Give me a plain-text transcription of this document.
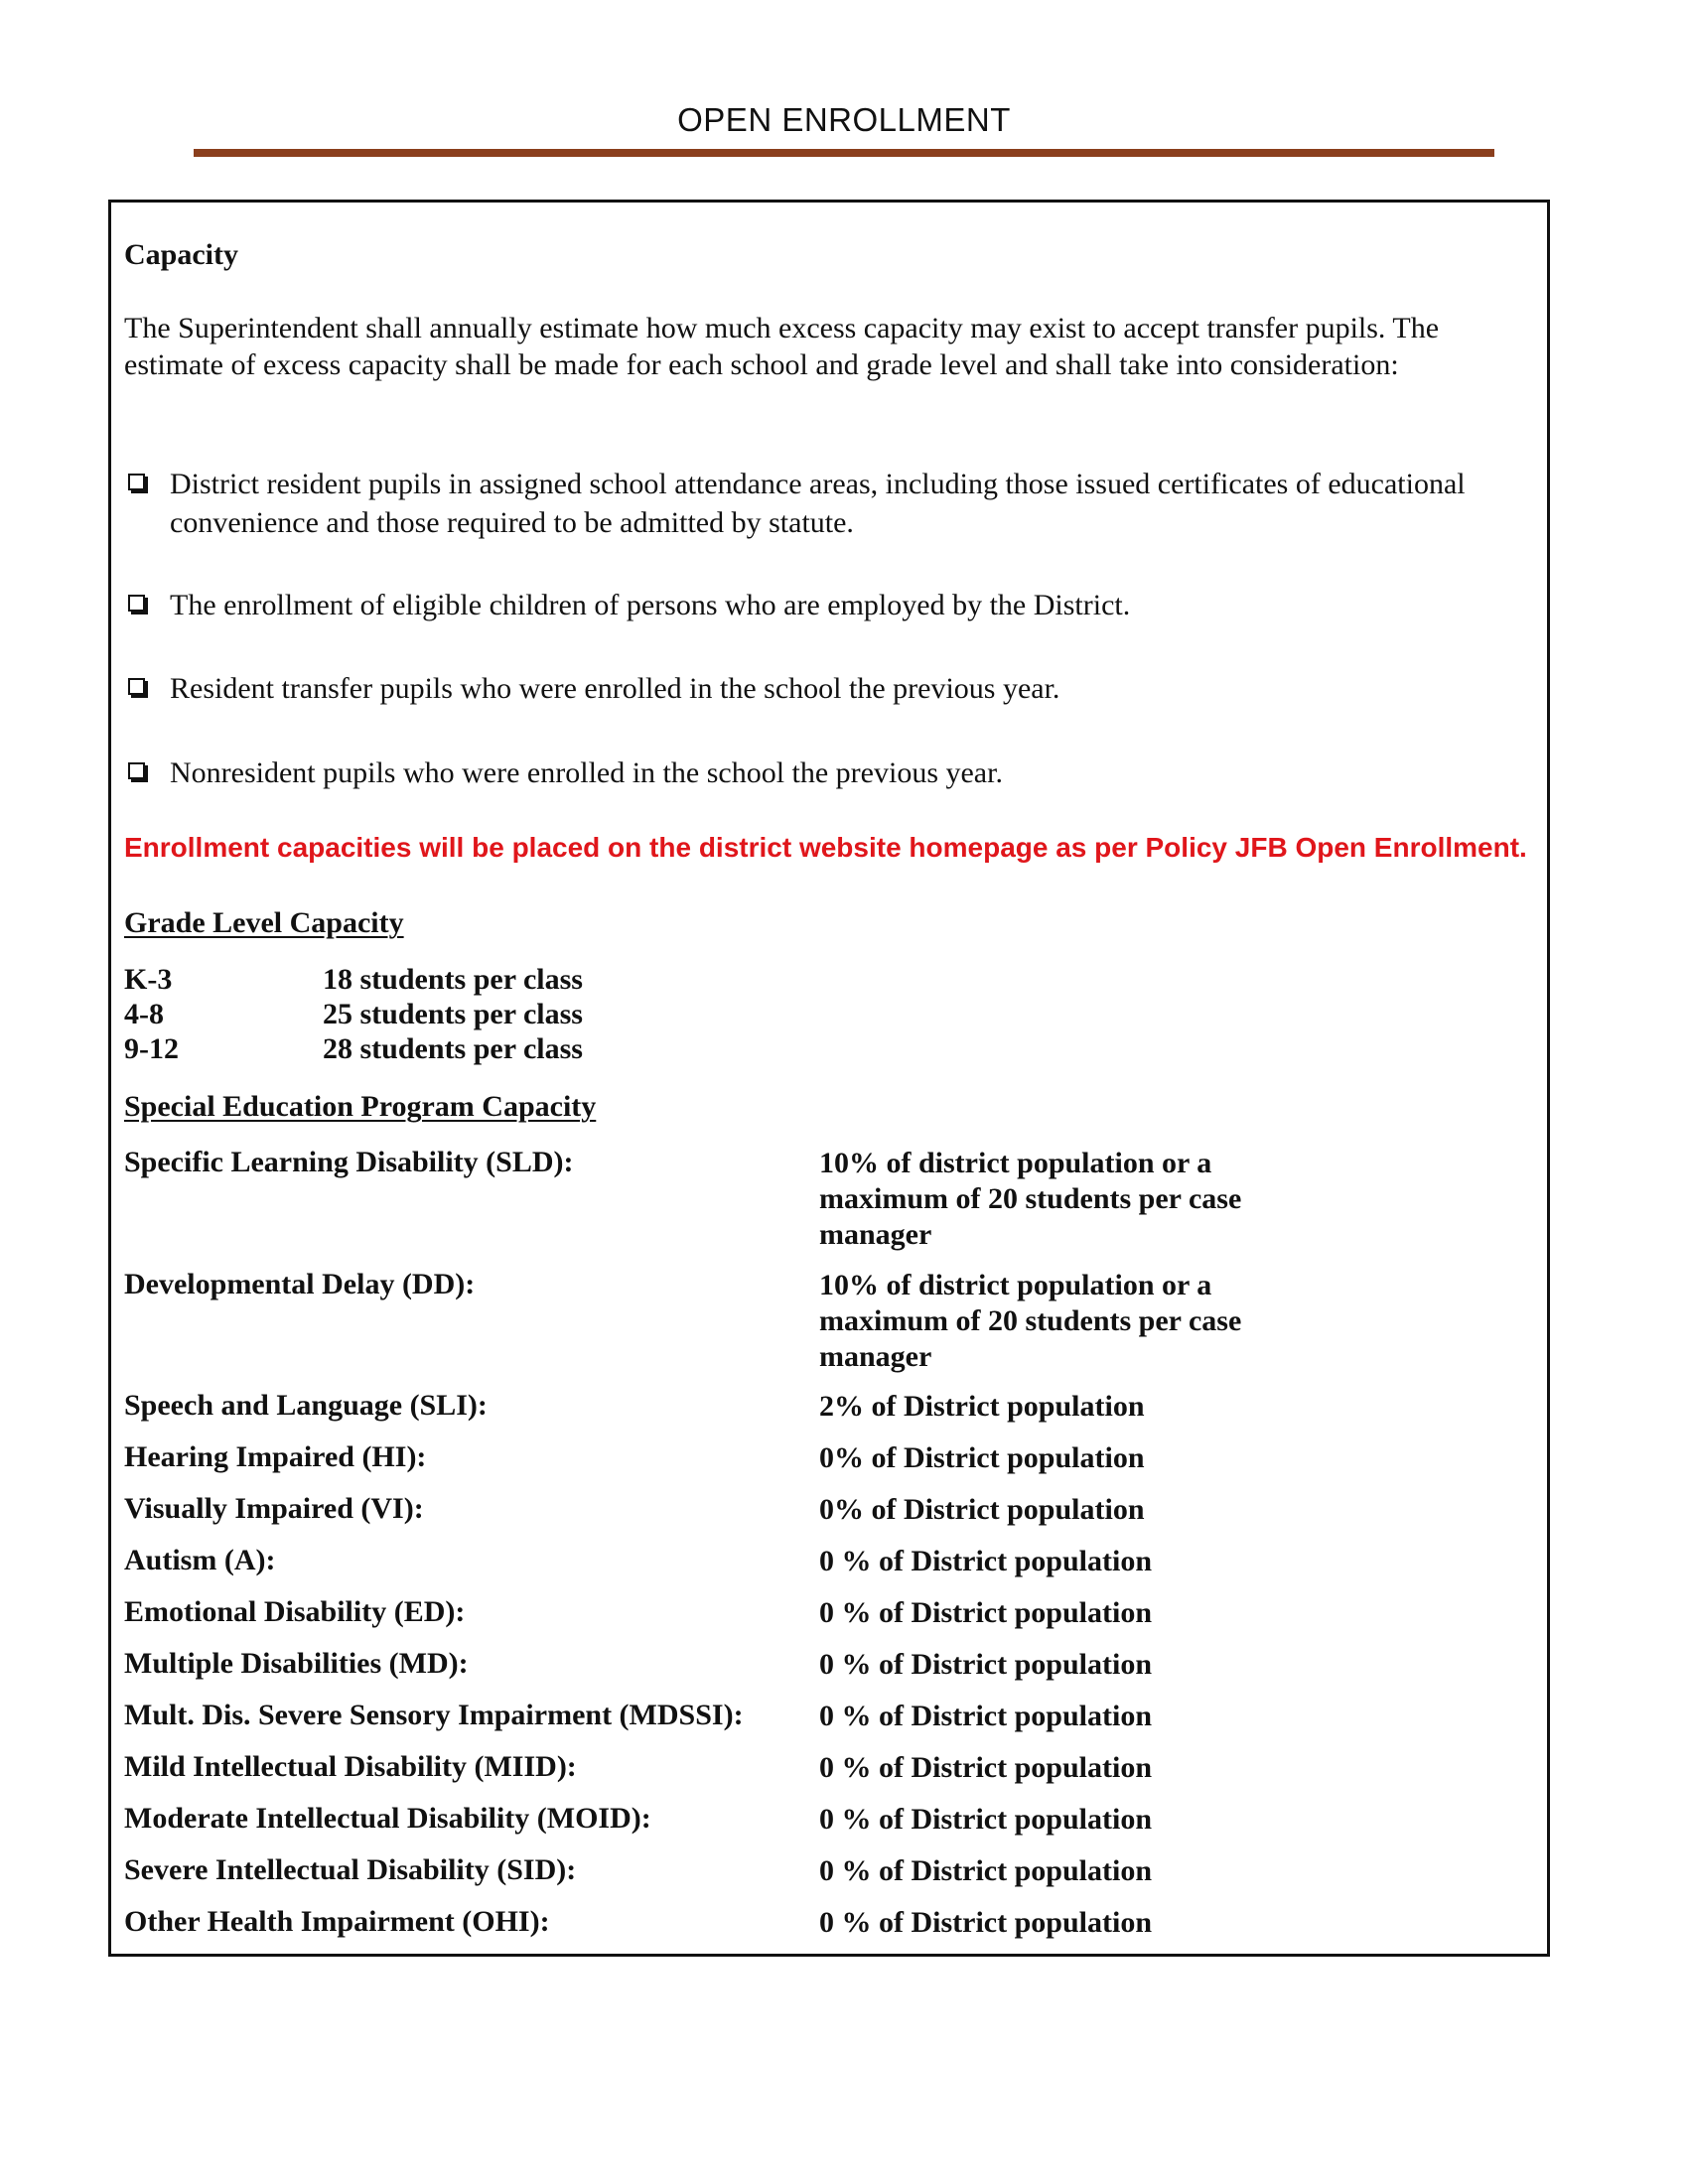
OPEN ENROLLMENT
Capacity
The Superintendent shall annually estimate how much excess capacity may exist to accept transfer pupils. The estimate of excess capacity shall be made for each school and grade level and shall take into consideration:
District resident pupils in assigned school attendance areas, including those issued certificates of educational convenience and those required to be admitted by statute.
The enrollment of eligible children of persons who are employed by the District.
Resident transfer pupils who were enrolled in the school the previous year.
Nonresident pupils who were enrolled in the school the previous year.
Enrollment capacities will be placed on the district website homepage as per Policy JFB Open Enrollment.
Grade Level Capacity
K-3	18 students per class
4-8	25 students per class
9-12	28 students per class
Special Education Program Capacity
Specific Learning Disability (SLD):	10% of district population or a maximum of 20 students per case manager
Developmental Delay (DD):	10% of district population or a maximum of 20 students per case manager
Speech and Language (SLI):	2% of District population
Hearing Impaired (HI):	0% of District population
Visually Impaired (VI):	0% of District population
Autism (A):	0 % of District population
Emotional Disability (ED):	0 % of District population
Multiple Disabilities (MD):	0 % of District population
Mult. Dis. Severe Sensory Impairment (MDSSI):	0 % of District population
Mild Intellectual Disability (MIID):	0 % of District population
Moderate Intellectual Disability (MOID):	0 % of District population
Severe Intellectual Disability (SID):	0 % of District population
Other Health Impairment (OHI):	0 % of District population
